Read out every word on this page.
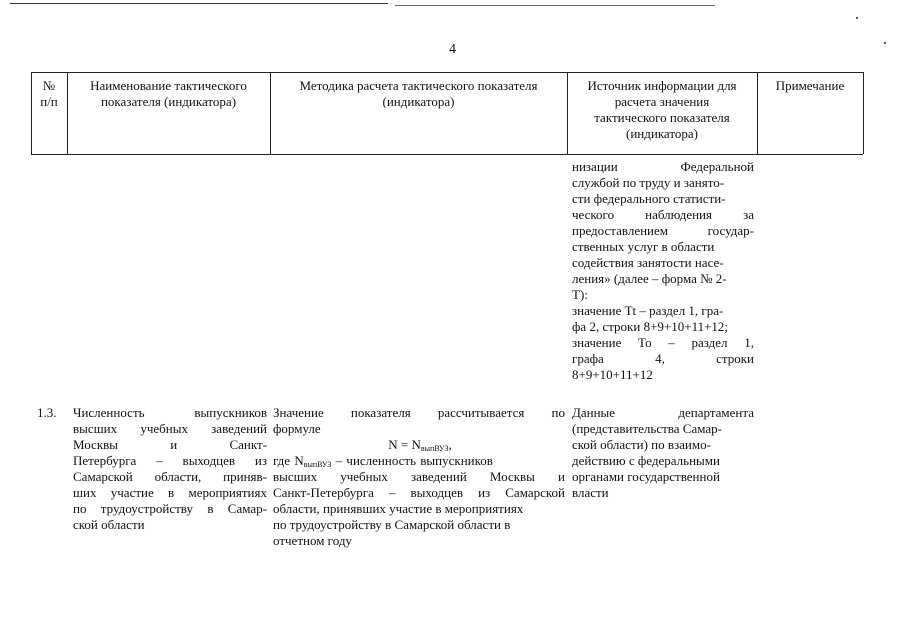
4
№
п/п
Наименование тактического
показателя (индикатора)
Методика расчета тактического показателя
(индикатора)
Источник информации для
расчета значения
тактического показателя
(индикатора)
Примечание
низации Федеральной
службой по труду и занято-
сти федерального статисти-
ческого наблюдения за
предоставлением государ-
ственных услуг в области
содействия занятости насе-
ления» (далее – форма № 2-
Т):
значение Tt – раздел 1, гра-
фа 2, строки 8+9+10+11+12;
значение To – раздел 1,
графа 4, строки
8+9+10+11+12
1.3. Численность выпускников
высших учебных заведений
Москвы и Санкт-
Петербурга – выходцев из
Самарской области, приняв-
ших участие в мероприятиях
по трудоустройству в Самар-
ской области
Значение показателя рассчитывается по
формуле
$N = N_{выпВУЗ}$,
где $N_{выпВУЗ}$ – численность выпускников
высших учебных заведений Москвы и
Санкт-Петербурга – выходцев из Самарской
области, принявших участие в мероприятиях
по трудоустройству в Самарской области в
отчетном году
Данные департамента
(представительства Самар-
ской области) по взаимо-
действию с федеральными
органами государственной
власти
